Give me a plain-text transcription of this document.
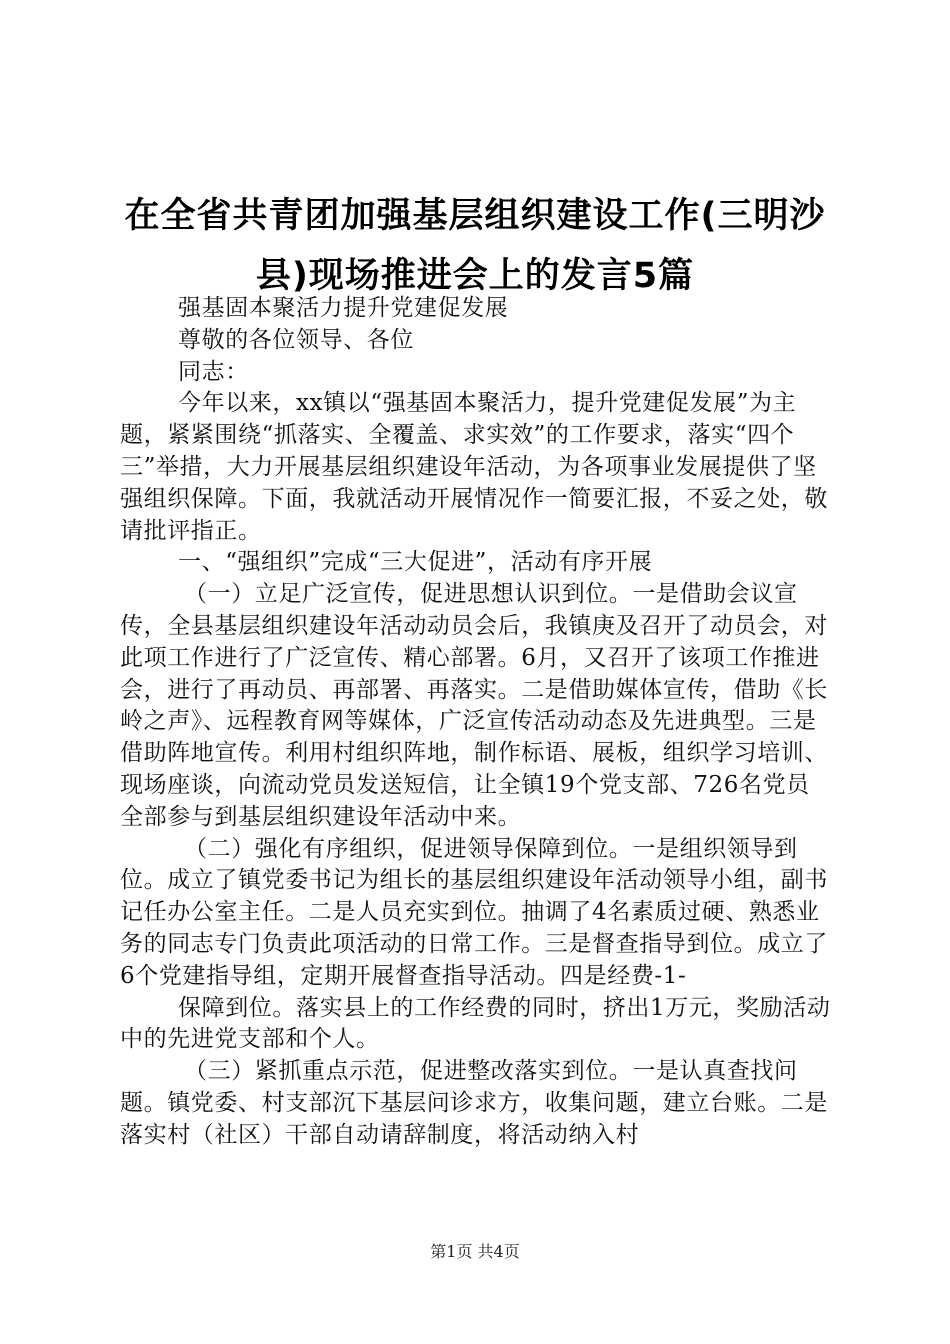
在全省共青团加强基层组织建设工作(三明沙
县)现场推进会上的发言5篇

强基固本聚活力提升党建促发展

尊敬的各位领导、各位

同志：

今年以来，xx镇以“强基固本聚活力，提升党建促发展”为主题，紧紧围绕“抓落实、全覆盖、求实效”的工作要求，落实“四个三”举措，大力开展基层组织建设年活动，为各项事业发展提供了坚强组织保障。下面，我就活动开展情况作一简要汇报，不妥之处，敬请批评指正。

一、“强组织”完成“三大促进”，活动有序开展

（一）立足广泛宣传，促进思想认识到位。一是借助会议宣传，全县基层组织建设年活动动员会后，我镇庚及召开了动员会，对此项工作进行了广泛宣传、精心部署。6月，又召开了该项工作推进会，进行了再动员、再部署、再落实。二是借助媒体宣传，借助《长岭之声》、远程教育网等媒体，广泛宣传活动动态及先进典型。三是借助阵地宣传。利用村组织阵地，制作标语、展板，组织学习培训、现场座谈，向流动党员发送短信，让全镇19个党支部、726名党员全部参与到基层组织建设年活动中来。

（二）强化有序组织，促进领导保障到位。一是组织领导到位。成立了镇党委书记为组长的基层组织建设年活动领导小组，副书记任办公室主任。二是人员充实到位。抽调了4名素质过硬、熟悉业务的同志专门负责此项活动的日常工作。三是督查指导到位。成立了6个党建指导组，定期开展督查指导活动。四是经费-1-

保障到位。落实县上的工作经费的同时，挤出1万元，奖励活动中的先进党支部和个人。

（三）紧抓重点示范，促进整改落实到位。一是认真查找问题。镇党委、村支部沉下基层问诊求方，收集问题，建立台账。二是落实村（社区）干部自动请辞制度，将活动纳入村

第1页 共4页
